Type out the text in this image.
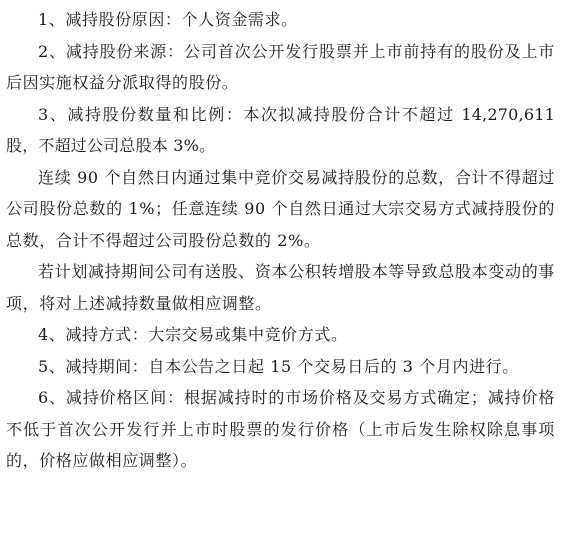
1、减持股份原因：个人资金需求。

2、减持股份来源：公司首次公开发行股票并上市前持有的股份及上市后因实施权益分派取得的股份。

3、减持股份数量和比例：本次拟减持股份合计不超过 14,270,611 股，不超过公司总股本 3%。

连续 90 个自然日内通过集中竞价交易减持股份的总数，合计不得超过公司股份总数的 1%；任意连续 90 个自然日通过大宗交易方式减持股份的总数，合计不得超过公司股份总数的 2%。

若计划减持期间公司有送股、资本公积转增股本等导致总股本变动的事项，将对上述减持数量做相应调整。

4、减持方式：大宗交易或集中竞价方式。

5、减持期间：自本公告之日起 15 个交易日后的 3 个月内进行。

6、减持价格区间：根据减持时的市场价格及交易方式确定；减持价格不低于首次公开发行并上市时股票的发行价格（上市后发生除权除息事项的，价格应做相应调整）。
